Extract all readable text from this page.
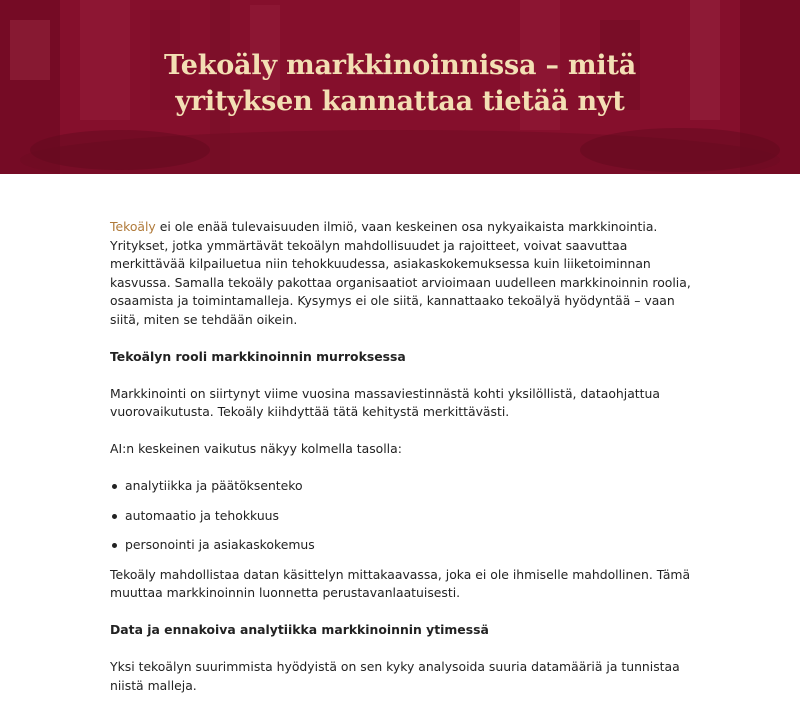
Tekoäly markkinoinnissa – mitä
yrityksen kannattaa tietää nyt

Tekoäly ei ole enää tulevaisuuden ilmiö, vaan keskeinen osa nykyaikaista markkinointia. Yritykset, jotka ymmärtävät tekoälyn mahdollisuudet ja rajoitteet, voivat saavuttaa merkittävää kilpailuetua niin tehokkuudessa, asiakaskokemuksessa kuin liiketoiminnan kasvussa. Samalla tekoäly pakottaa organisaatiot arvioimaan uudelleen markkinoinnin roolia, osaamista ja toimintamalleja. Kysymys ei ole siitä, kannattaako tekoälyä hyödyntää – vaan siitä, miten se tehdään oikein.

Tekoälyn rooli markkinoinnin murroksessa

Markkinointi on siirtynyt viime vuosina massaviestinnästä kohti yksilöllistä, dataohjattua vuorovaikutusta. Tekoäly kiihdyttää tätä kehitystä merkittävästi.

AI:n keskeinen vaikutus näkyy kolmella tasolla:

analytiikka ja päätöksenteko
automaatio ja tehokkuus
personointi ja asiakaskokemus

Tekoäly mahdollistaa datan käsittelyn mittakaavassa, joka ei ole ihmiselle mahdollinen. Tämä muuttaa markkinoinnin luonnetta perustavanlaatuisesti.

Data ja ennakoiva analytiikka markkinoinnin ytimessä

Yksi tekoälyn suurimmista hyödyistä on sen kyky analysoida suuria datamääriä ja tunnistaa niistä malleja.
